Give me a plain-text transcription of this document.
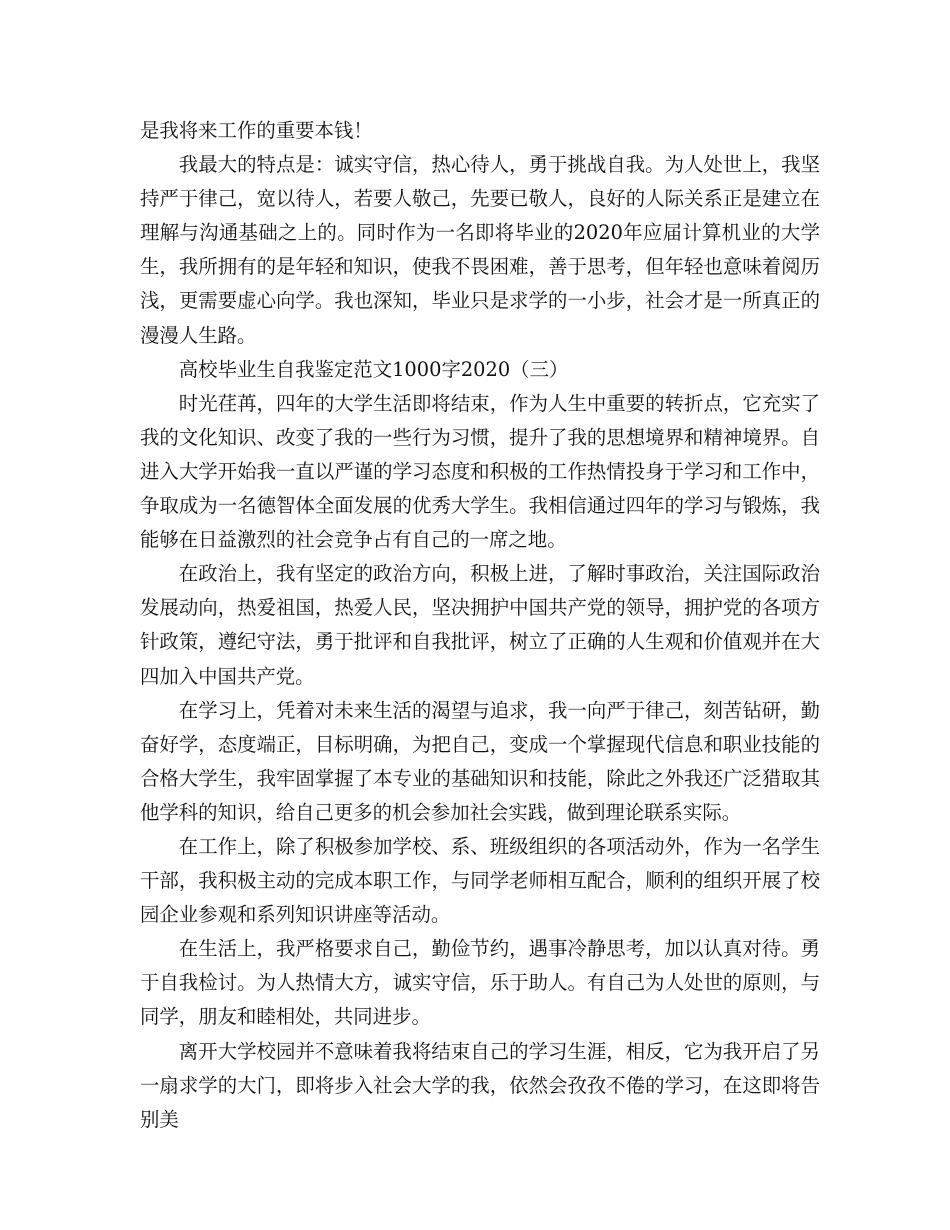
是我将来工作的重要本钱！

我最大的特点是：诚实守信，热心待人，勇于挑战自我。为人处世上，我坚持严于律己，宽以待人，若要人敬己，先要已敬人，良好的人际关系正是建立在理解与沟通基础之上的。同时作为一名即将毕业的2020年应届计算机业的大学生，我所拥有的是年轻和知识，使我不畏困难，善于思考，但年轻也意味着阅历浅，更需要虚心向学。我也深知，毕业只是求学的一小步，社会才是一所真正的漫漫人生路。

高校毕业生自我鉴定范文1000字2020（三）

时光荏苒，四年的大学生活即将结束，作为人生中重要的转折点，它充实了我的文化知识、改变了我的一些行为习惯，提升了我的思想境界和精神境界。自进入大学开始我一直以严谨的学习态度和积极的工作热情投身于学习和工作中，争取成为一名德智体全面发展的优秀大学生。我相信通过四年的学习与锻炼，我能够在日益激烈的社会竞争占有自己的一席之地。

在政治上，我有坚定的政治方向，积极上进，了解时事政治，关注国际政治发展动向，热爱祖国，热爱人民，坚决拥护中国共产党的领导，拥护党的各项方针政策，遵纪守法，勇于批评和自我批评，树立了正确的人生观和价值观并在大四加入中国共产党。

在学习上，凭着对未来生活的渴望与追求，我一向严于律己，刻苦钻研，勤奋好学，态度端正，目标明确，为把自己，变成一个掌握现代信息和职业技能的合格大学生，我牢固掌握了本专业的基础知识和技能，除此之外我还广泛猎取其他学科的知识，给自己更多的机会参加社会实践，做到理论联系实际。

在工作上，除了积极参加学校、系、班级组织的各项活动外，作为一名学生干部，我积极主动的完成本职工作，与同学老师相互配合，顺利的组织开展了校园企业参观和系列知识讲座等活动。

在生活上，我严格要求自己，勤俭节约，遇事冷静思考，加以认真对待。勇于自我检讨。为人热情大方，诚实守信，乐于助人。有自己为人处世的原则，与同学，朋友和睦相处，共同进步。

离开大学校园并不意味着我将结束自己的学习生涯，相反，它为我开启了另一扇求学的大门，即将步入社会大学的我，依然会孜孜不倦的学习，在这即将告别美
